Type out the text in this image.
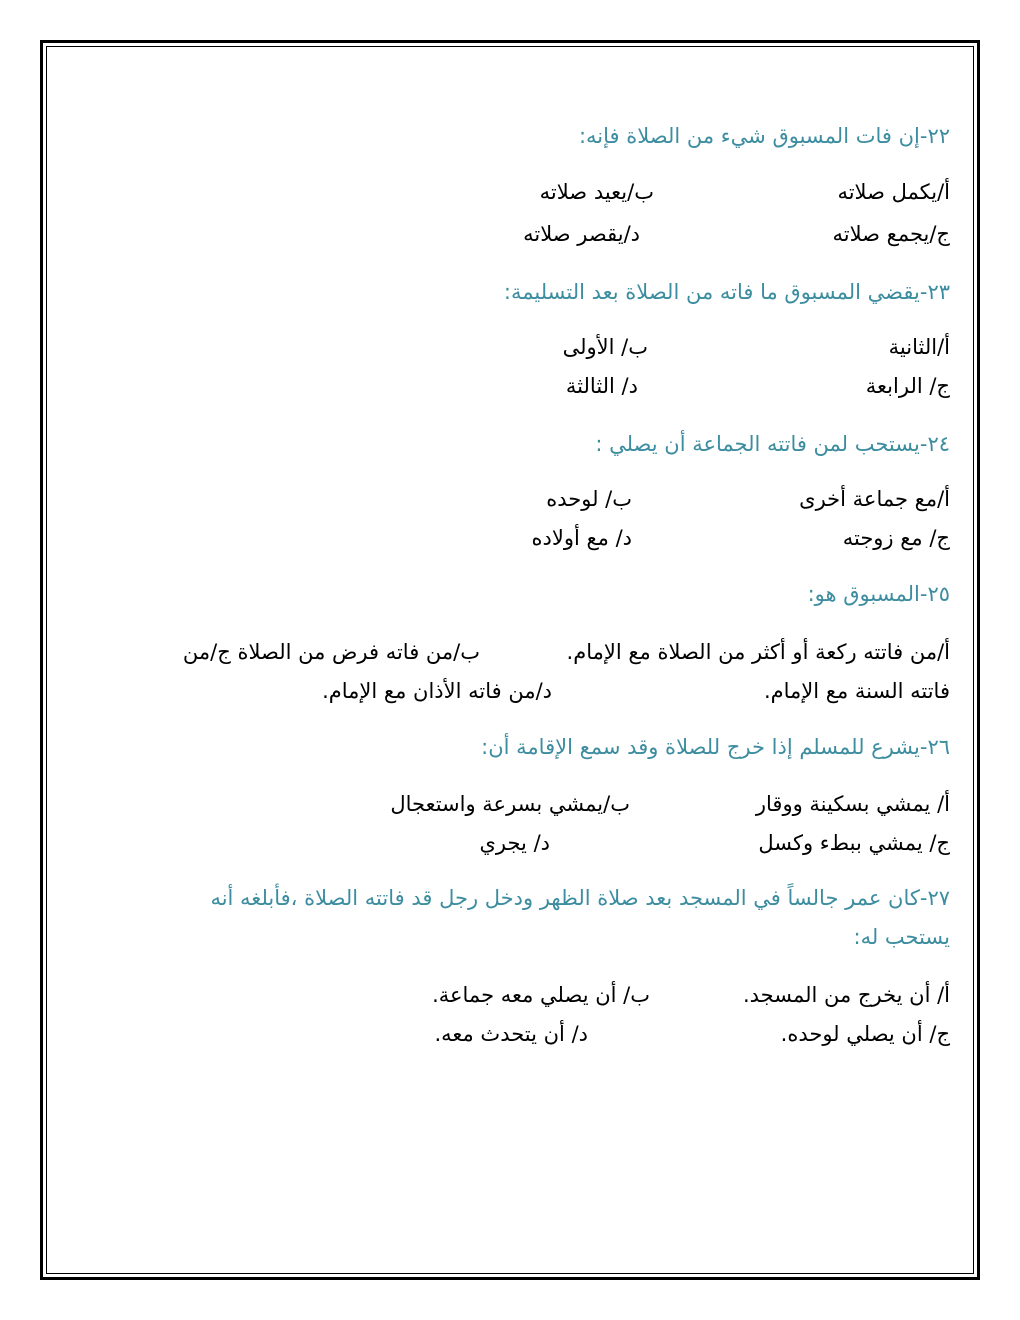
٢٢-إن فات المسبوق شيء من الصلاة فإنه:
أ/يكمل صلاته
ب/يعيد صلاته
ج/يجمع صلاته
د/يقصر صلاته
٢٣-يقضي المسبوق ما فاته من الصلاة بعد التسليمة:
أ/الثانية
ب/ الأولى
ج/ الرابعة
د/ الثالثة
٢٤-يستحب لمن فاتته الجماعة أن يصلي :
أ/مع جماعة أخرى
ب/ لوحده
ج/ مع زوجته
د/ مع أولاده
٢٥-المسبوق هو:
أ/من فاتته ركعة أو أكثر من الصلاة مع الإمام.
ب/من فاته فرض من الصلاة ج/من
فاتته السنة مع الإمام.
د/من فاته الأذان مع الإمام.
٢٦-يشرع للمسلم إذا خرج للصلاة وقد سمع الإقامة أن:
أ/ يمشي بسكينة ووقار
ب/يمشي بسرعة واستعجال
ج/ يمشي ببطء وكسل
د/ يجري
٢٧-كان عمر جالساً في المسجد بعد صلاة الظهر ودخل رجل قد فاتته الصلاة ،فأبلغه أنه
يستحب له:
أ/ أن يخرج من المسجد.
ب/ أن يصلي معه جماعة.
ج/ أن يصلي لوحده.
د/ أن يتحدث معه.
